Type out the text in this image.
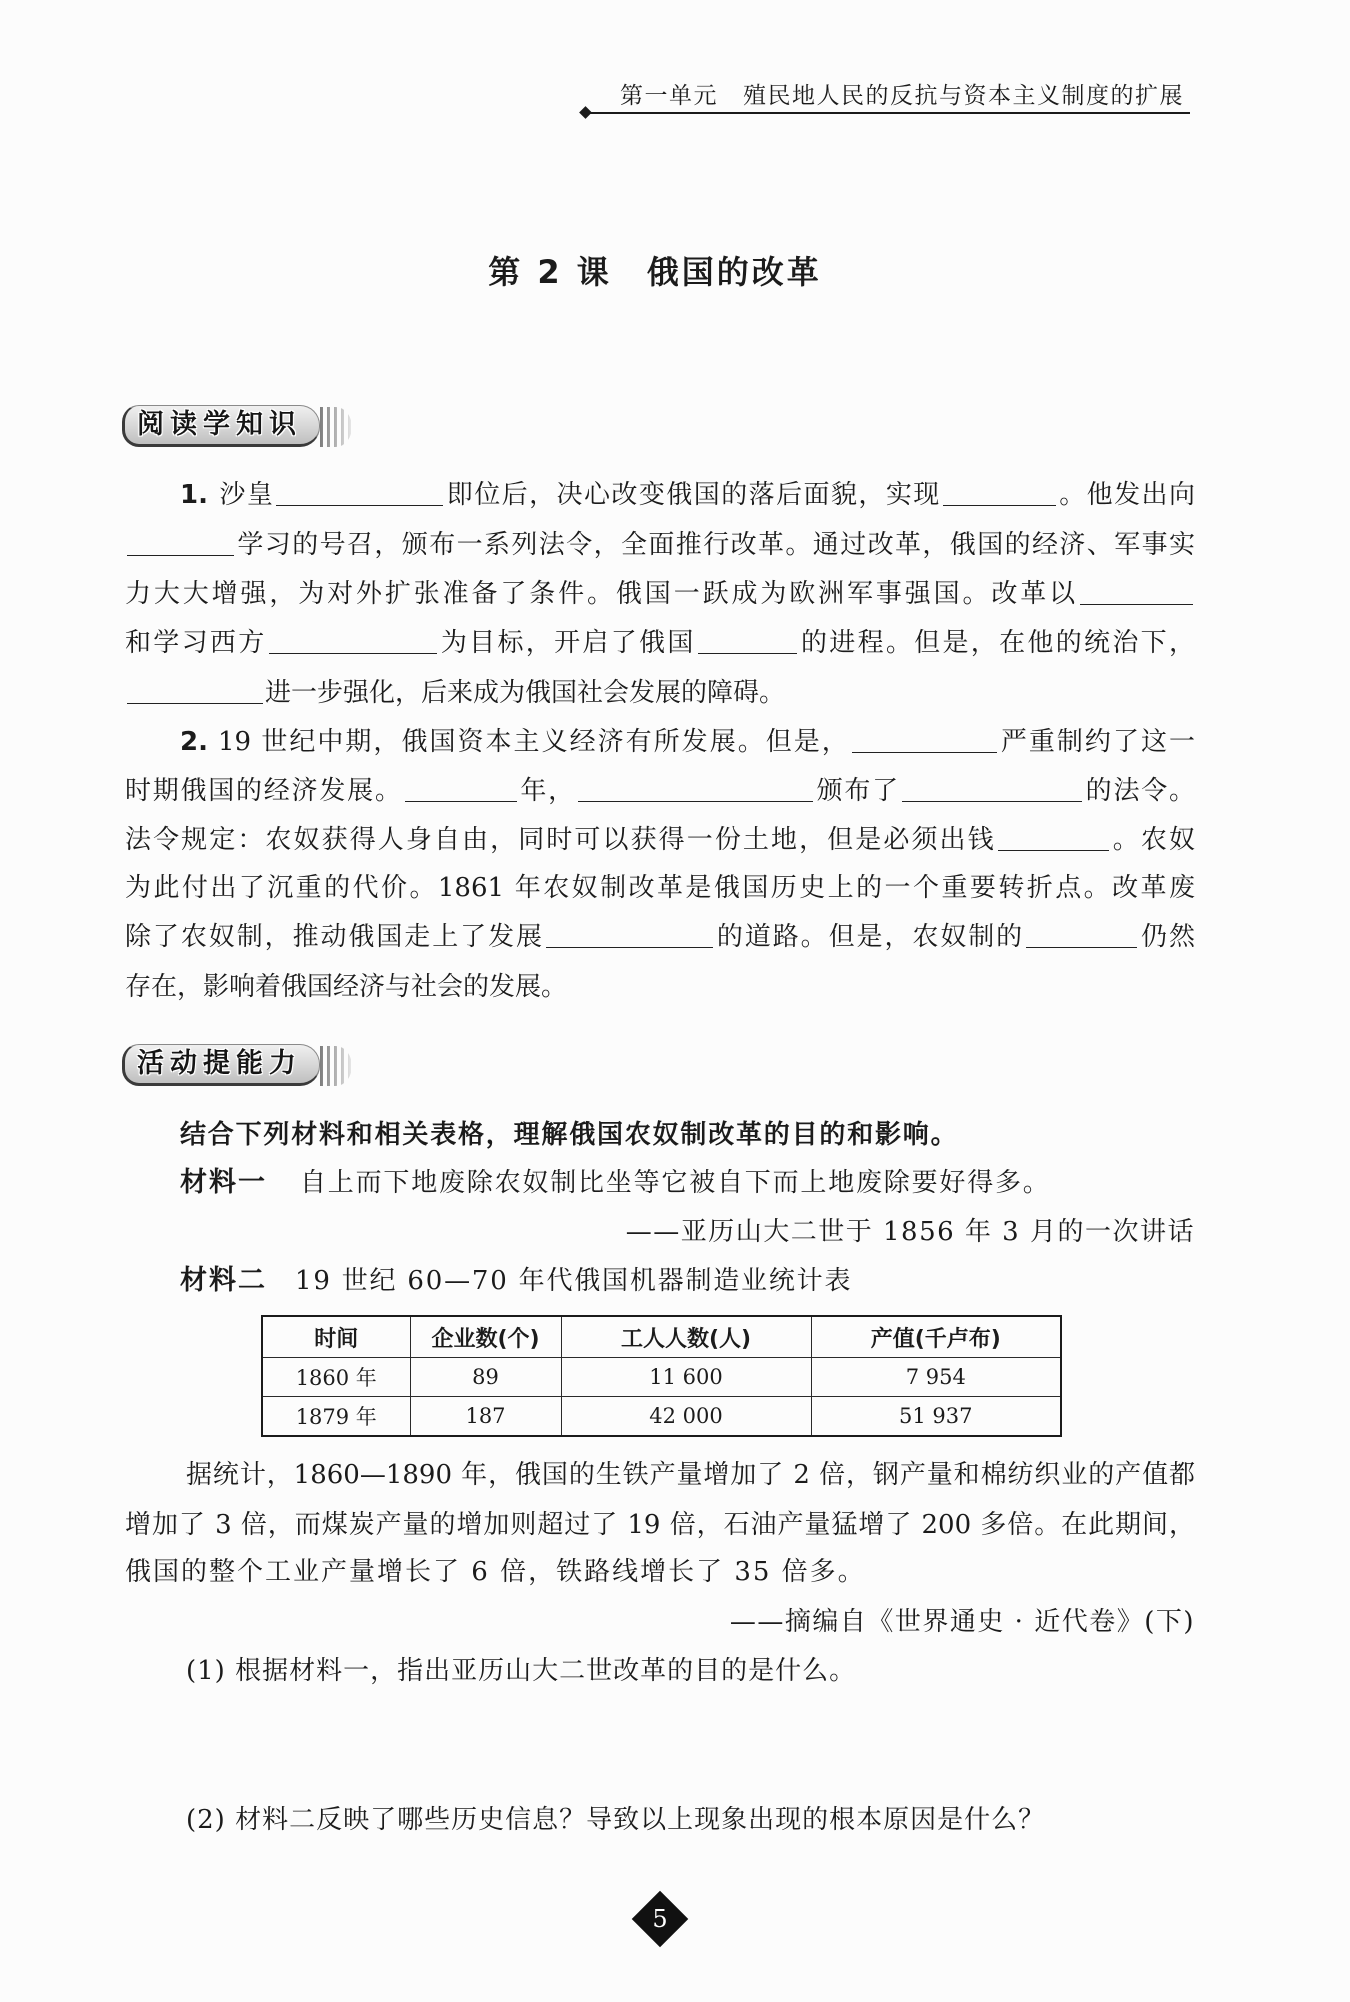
第一单元 殖民地人民的反抗与资本主义制度的扩展
第 2 课　俄国的改革
阅读学知识
1. 沙皇	即位后，决心改变俄国的落后面貌，实现	。他发出向
学习的号召，颁布一系列法令，全面推行改革。通过改革，俄国的经济、军事实
力大大增强，为对外扩张准备了条件。俄国一跃成为欧洲军事强国。改革以
和学习西方	为目标，开启了俄国	的进程。但是，在他的统治下，
进一步强化，后来成为俄国社会发展的障碍。
2. 19 世纪中期，俄国资本主义经济有所发展。但是，	严重制约了这一
时期俄国的经济发展。	年，	颁布了	的法令。
法令规定：农奴获得人身自由，同时可以获得一份土地，但是必须出钱	。农奴
为此付出了沉重的代价。1861 年农奴制改革是俄国历史上的一个重要转折点。改革废
除了农奴制，推动俄国走上了发展	的道路。但是，农奴制的	仍然
存在，影响着俄国经济与社会的发展。
活动提能力
结合下列材料和相关表格，理解俄国农奴制改革的目的和影响。
材料一 自上而下地废除农奴制比坐等它被自下而上地废除要好得多。
——亚历山大二世于 1856 年 3 月的一次讲话
材料二 19 世纪 60—70 年代俄国机器制造业统计表
时间	企业数(个)	工人人数(人)	产值(千卢布)
1860 年	89	11 600	7 954
1879 年	187	42 000	51 937
据统计，1860—1890 年，俄国的生铁产量增加了 2 倍，钢产量和棉纺织业的产值都
增加了 3 倍，而煤炭产量的增加则超过了 19 倍，石油产量猛增了 200 多倍。在此期间，
俄国的整个工业产量增长了 6 倍，铁路线增长了 35 倍多。
——摘编自《世界通史 · 近代卷》(下)
(1) 根据材料一，指出亚历山大二世改革的目的是什么。
(2) 材料二反映了哪些历史信息？导致以上现象出现的根本原因是什么？
5
